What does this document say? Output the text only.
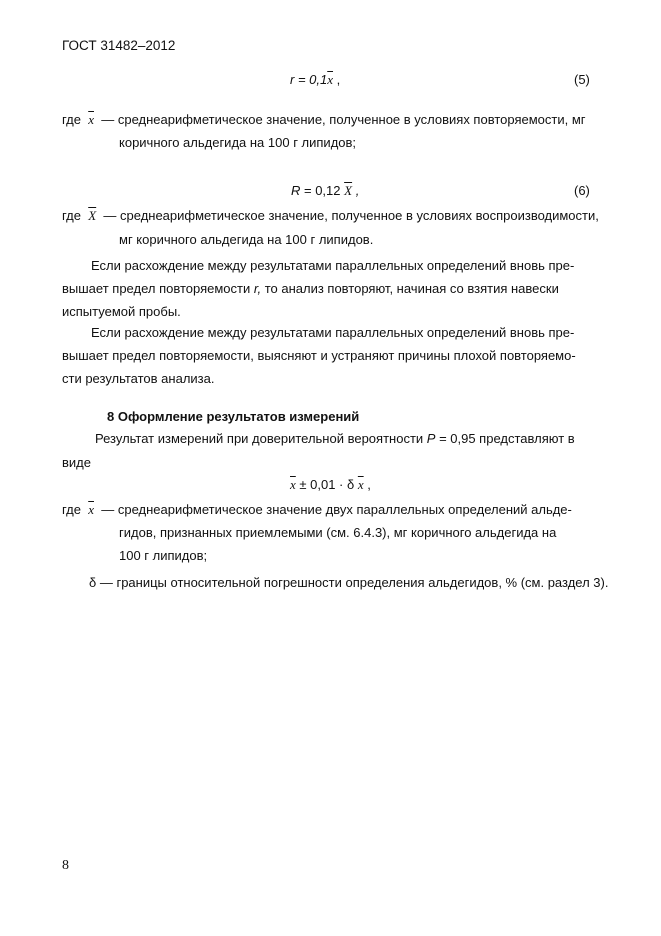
ГОСТ 31482–2012
$r = 0,1\overline{x}$ ,	(5)
где $\overline{x}$ — среднеарифметическое значение, полученное в условиях повторяемости, мг
коричного альдегида на 100 г липидов;
R = 0,12 $\overline{X}$ ,	(6)
где $\overline{X}$ — среднеарифметическое значение, полученное в условиях воспроизводимости,
мг коричного альдегида на 100 г липидов.
Если расхождение между результатами параллельных определений вновь пре-
вышает предел повторяемости r, то анализ повторяют, начиная со взятия навески
испытуемой пробы.
Если расхождение между результатами параллельных определений вновь пре-
вышает предел повторяемости, выясняют и устраняют причины плохой повторяемо-
сти результатов анализа.
8 Оформление результатов измерений
Результат измерений при доверительной вероятности P = 0,95 представляют в
виде
$\overline{x} \pm 0,01 \cdot \delta$ $\overline{x}$ ,
где $\overline{x}$ — среднеарифметическое значение двух параллельных определений альде-
гидов, признанных приемлемыми (см. 6.4.3), мг коричного альдегида на
100 г липидов;
δ — границы относительной погрешности определения альдегидов, % (см. раздел 3).
8
